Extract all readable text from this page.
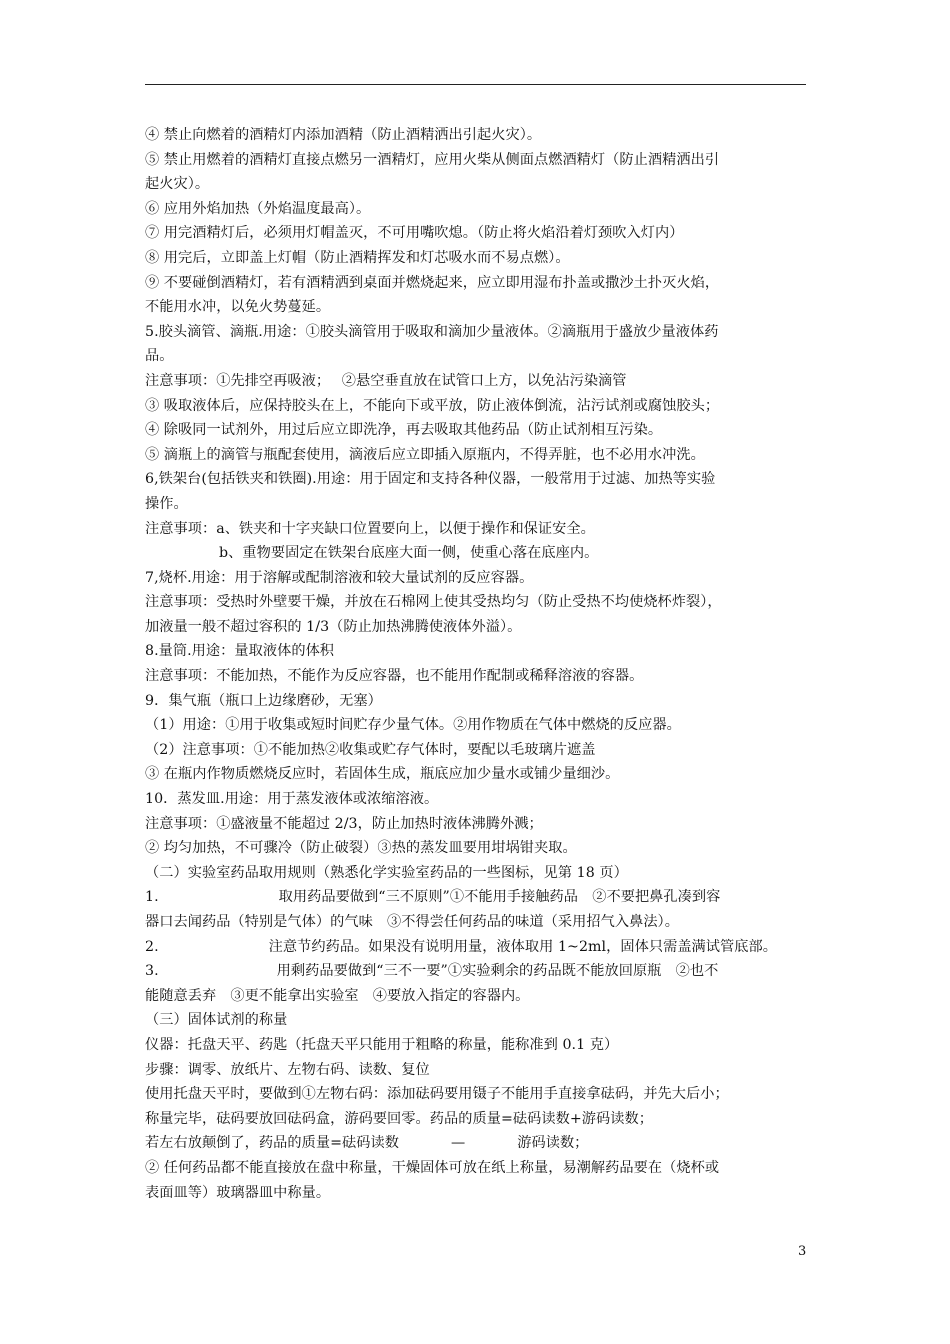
④ 禁止向燃着的酒精灯内添加酒精（防止酒精洒出引起火灾）。
⑤ 禁止用燃着的酒精灯直接点燃另一酒精灯，应用火柴从侧面点燃酒精灯（防止酒精洒出引
起火灾）。
⑥ 应用外焰加热（外焰温度最高）。
⑦ 用完酒精灯后，必须用灯帽盖灭，不可用嘴吹熄。（防止将火焰沿着灯颈吹入灯内）
⑧ 用完后，立即盖上灯帽（防止酒精挥发和灯芯吸水而不易点燃）。
⑨ 不要碰倒酒精灯，若有酒精洒到桌面并燃烧起来，应立即用湿布扑盖或撒沙土扑灭火焰，
不能用水冲，以免火势蔓延。
5.胶头滴管、滴瓶.用途：①胶头滴管用于吸取和滴加少量液体。②滴瓶用于盛放少量液体药
品。
注意事项：①先排空再吸液；　 ②悬空垂直放在试管口上方，以免沾污染滴管
③ 吸取液体后，应保持胶头在上，不能向下或平放，防止液体倒流，沾污试剂或腐蚀胶头；
④ 除吸同一试剂外，用过后应立即洗净，再去吸取其他药品（防止试剂相互污染。
⑤ 滴瓶上的滴管与瓶配套使用，滴液后应立即插入原瓶内，不得弄脏，也不必用水冲洗。
6,铁架台(包括铁夹和铁圈).用途：用于固定和支持各种仪器，一般常用于过滤、加热等实验
操作。
注意事项：a、铁夹和十字夹缺口位置要向上，以便于操作和保证安全。
b、重物要固定在铁架台底座大面一侧，使重心落在底座内。
7,烧杯.用途：用于溶解或配制溶液和较大量试剂的反应容器。
注意事项：受热时外壁要干燥，并放在石棉网上使其受热均匀（防止受热不均使烧杯炸裂），
加液量一般不超过容积的 1/3（防止加热沸腾使液体外溢）。
8.量筒.用途：量取液体的体积
注意事项：不能加热，不能作为反应容器，也不能用作配制或稀释溶液的容器。
9．集气瓶（瓶口上边缘磨砂，无塞）
（1）用途：①用于收集或短时间贮存少量气体。②用作物质在气体中燃烧的反应器。
（2）注意事项：①不能加热②收集或贮存气体时，要配以毛玻璃片遮盖
③ 在瓶内作物质燃烧反应时，若固体生成，瓶底应加少量水或铺少量细沙。
10．蒸发皿.用途：用于蒸发液体或浓缩溶液。
注意事项：①盛液量不能超过 2/3，防止加热时液体沸腾外溅；
② 均匀加热，不可骤冷（防止破裂）③热的蒸发皿要用坩埚钳夹取。
（二）实验室药品取用规则（熟悉化学实验室药品的一些图标，见第 18 页）
1.	取用药品要做到“三不原则”①不能用手接触药品　②不要把鼻孔凑到容
器口去闻药品（特别是气体）的气味　③不得尝任何药品的味道（采用招气入鼻法）。
2.	注意节约药品。如果没有说明用量，液体取用 1~2ml，固体只需盖满试管底部。
3.	用剩药品要做到“三不一要”①实验剩余的药品既不能放回原瓶　②也不
能随意丢弃　③更不能拿出实验室　④要放入指定的容器内。
（三）固体试剂的称量
仪器：托盘天平、药匙（托盘天平只能用于粗略的称量，能称准到 0.1 克）
步骤：调零、放纸片、左物右码、读数、复位
使用托盘天平时，要做到①左物右码：添加砝码要用镊子不能用手直接拿砝码，并先大后小；
称量完毕，砝码要放回砝码盒，游码要回零。药品的质量=砝码读数+游码读数；
若左右放颠倒了，药品的质量=砝码读数	—	游码读数；
② 任何药品都不能直接放在盘中称量，干燥固体可放在纸上称量，易潮解药品要在（烧杯或
表面皿等）玻璃器皿中称量。
3
